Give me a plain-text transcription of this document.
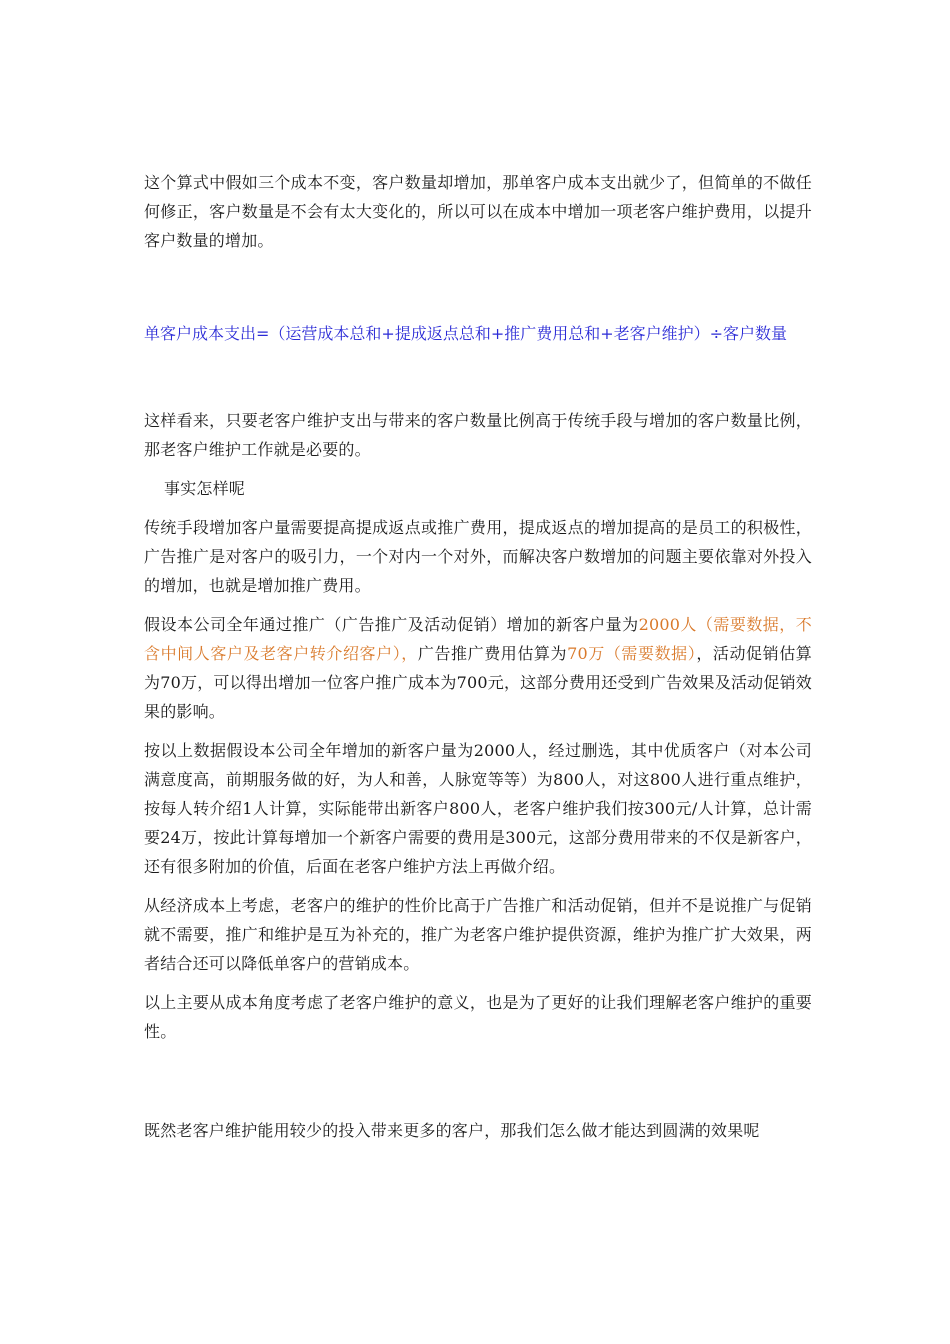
这个算式中假如三个成本不变，客户数量却增加，那单客户成本支出就少了，但简单的不做任何修正，客户数量是不会有太大变化的，所以可以在成本中增加一项老客户维护费用，以提升客户数量的增加。

单客户成本支出=（运营成本总和+提成返点总和+推广费用总和+老客户维护）÷客户数量

这样看来，只要老客户维护支出与带来的客户数量比例高于传统手段与增加的客户数量比例，那老客户维护工作就是必要的。

事实怎样呢

传统手段增加客户量需要提高提成返点或推广费用，提成返点的增加提高的是员工的积极性，广告推广是对客户的吸引力，一个对内一个对外，而解决客户数增加的问题主要依靠对外投入的增加，也就是增加推广费用。

假设本公司全年通过推广（广告推广及活动促销）增加的新客户量为2000人（需要数据，不含中间人客户及老客户转介绍客户），广告推广费用估算为70万（需要数据），活动促销估算为70万，可以得出增加一位客户推广成本为700元，这部分费用还受到广告效果及活动促销效果的影响。

按以上数据假设本公司全年增加的新客户量为2000人，经过删选，其中优质客户（对本公司满意度高，前期服务做的好，为人和善，人脉宽等等）为800人，对这800人进行重点维护，按每人转介绍1人计算，实际能带出新客户800人，老客户维护我们按300元/人计算，总计需要24万，按此计算每增加一个新客户需要的费用是300元，这部分费用带来的不仅是新客户，还有很多附加的价值，后面在老客户维护方法上再做介绍。

从经济成本上考虑，老客户的维护的性价比高于广告推广和活动促销，但并不是说推广与促销就不需要，推广和维护是互为补充的，推广为老客户维护提供资源，维护为推广扩大效果，两者结合还可以降低单客户的营销成本。

以上主要从成本角度考虑了老客户维护的意义，也是为了更好的让我们理解老客户维护的重要性。

既然老客户维护能用较少的投入带来更多的客户，那我们怎么做才能达到圆满的效果呢
